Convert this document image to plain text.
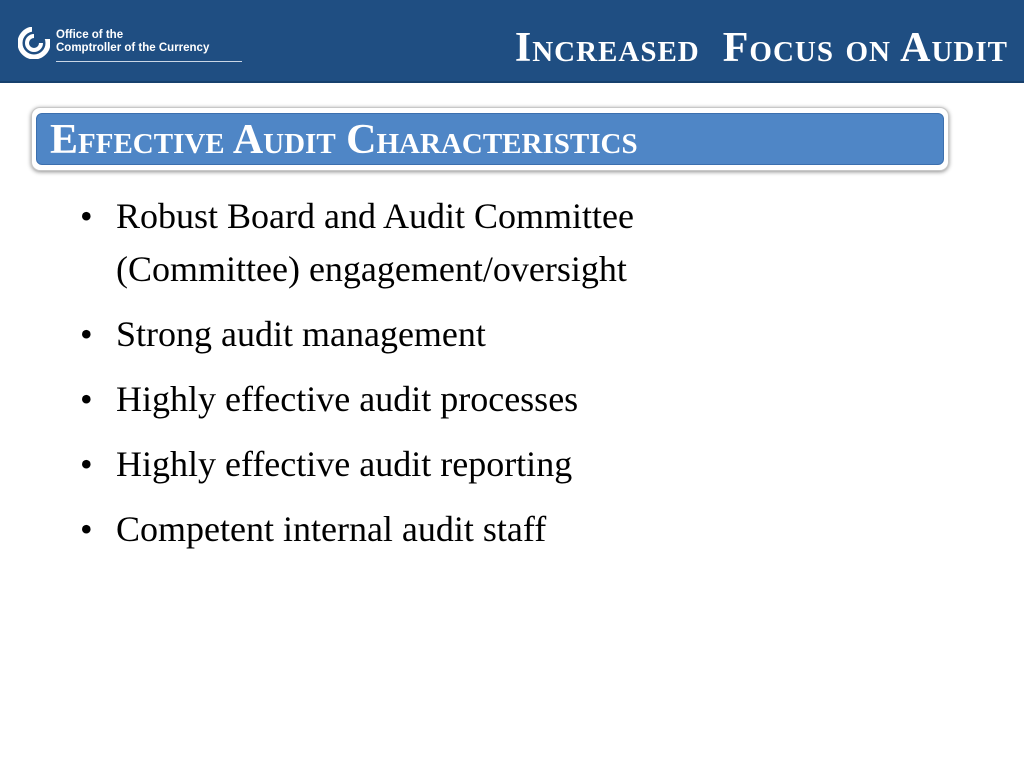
Office of the
Comptroller of the Currency	Increased  Focus on Audit
Effective Audit Characteristics
• Robust Board and Audit Committee (Committee) engagement/oversight
• Strong audit management
• Highly effective audit processes
• Highly effective audit reporting
• Competent internal audit staff
